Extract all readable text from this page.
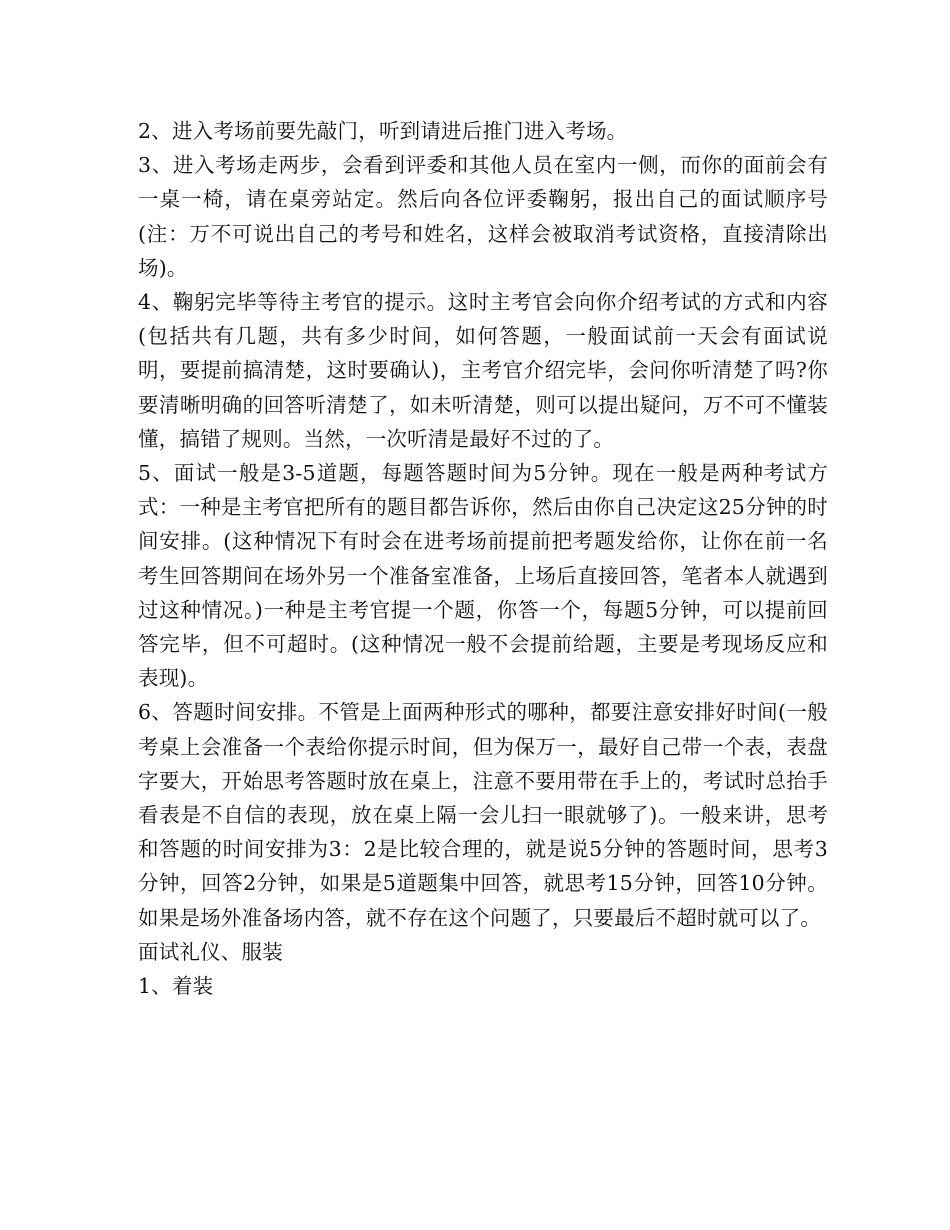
2、进入考场前要先敲门，听到请进后推门进入考场。

3、进入考场走两步，会看到评委和其他人员在室内一侧，而你的面前会有一桌一椅，请在桌旁站定。然后向各位评委鞠躬，报出自己的面试顺序号(注：万不可说出自己的考号和姓名，这样会被取消考试资格，直接清除出场)。

4、鞠躬完毕等待主考官的提示。这时主考官会向你介绍考试的方式和内容(包括共有几题，共有多少时间，如何答题，一般面试前一天会有面试说明，要提前搞清楚，这时要确认)，主考官介绍完毕，会问你听清楚了吗?你要清晰明确的回答听清楚了，如未听清楚，则可以提出疑问，万不可不懂装懂，搞错了规则。当然，一次听清是最好不过的了。

5、面试一般是3-5道题，每题答题时间为5分钟。现在一般是两种考试方式：一种是主考官把所有的题目都告诉你，然后由你自己决定这25分钟的时间安排。(这种情况下有时会在进考场前提前把考题发给你，让你在前一名考生回答期间在场外另一个准备室准备，上场后直接回答，笔者本人就遇到过这种情况。)一种是主考官提一个题，你答一个，每题5分钟，可以提前回答完毕，但不可超时。(这种情况一般不会提前给题，主要是考现场反应和表现)。

6、答题时间安排。不管是上面两种形式的哪种，都要注意安排好时间(一般考桌上会准备一个表给你提示时间，但为保万一，最好自己带一个表，表盘字要大，开始思考答题时放在桌上，注意不要用带在手上的，考试时总抬手看表是不自信的表现，放在桌上隔一会儿扫一眼就够了)。一般来讲，思考和答题的时间安排为3：2是比较合理的，就是说5分钟的答题时间，思考3分钟，回答2分钟，如果是5道题集中回答，就思考15分钟，回答10分钟。如果是场外准备场内答，就不存在这个问题了，只要最后不超时就可以了。

面试礼仪、服装

1、着装
